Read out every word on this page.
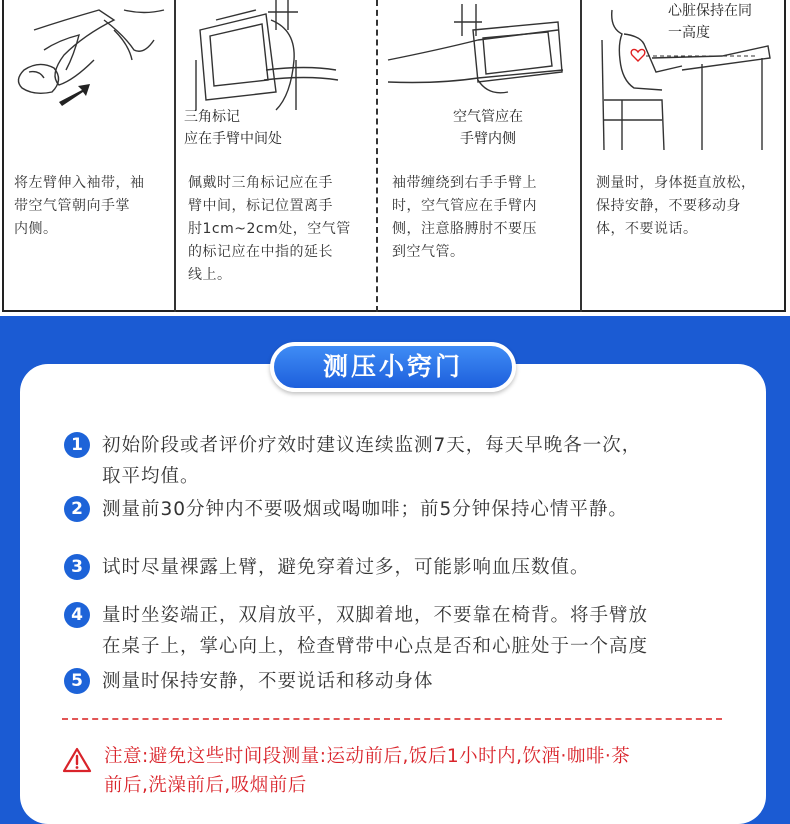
将左臂伸入袖带，袖
带空气管朝向手掌
内侧。
三角标记
应在手臂中间处
佩戴时三角标记应在手
臂中间，标记位置离手
肘1cm~2cm处，空气管
的标记应在中指的延长
线上。
空气管应在
手臂内侧
袖带缠绕到右手手臂上
时，空气管应在手臂内
侧，注意胳膊肘不要压
到空气管。
心脏保持在同
一高度
测量时，身体挺直放松，
保持安静，不要移动身
体，不要说话。
测压小窍门
1	初始阶段或者评价疗效时建议连续监测7天，每天早晚各一次，
取平均值。
2	测量前30分钟内不要吸烟或喝咖啡；前5分钟保持心情平静。
3	试时尽量裸露上臂，避免穿着过多，可能影响血压数值。
4	量时坐姿端正，双肩放平，双脚着地，不要靠在椅背。将手臂放
在桌子上，掌心向上，检查臂带中心点是否和心脏处于一个高度
5	测量时保持安静，不要说话和移动身体
注意:避免这些时间段测量:运动前后,饭后1小时内,饮酒·咖啡·茶
前后,洗澡前后,吸烟前后
